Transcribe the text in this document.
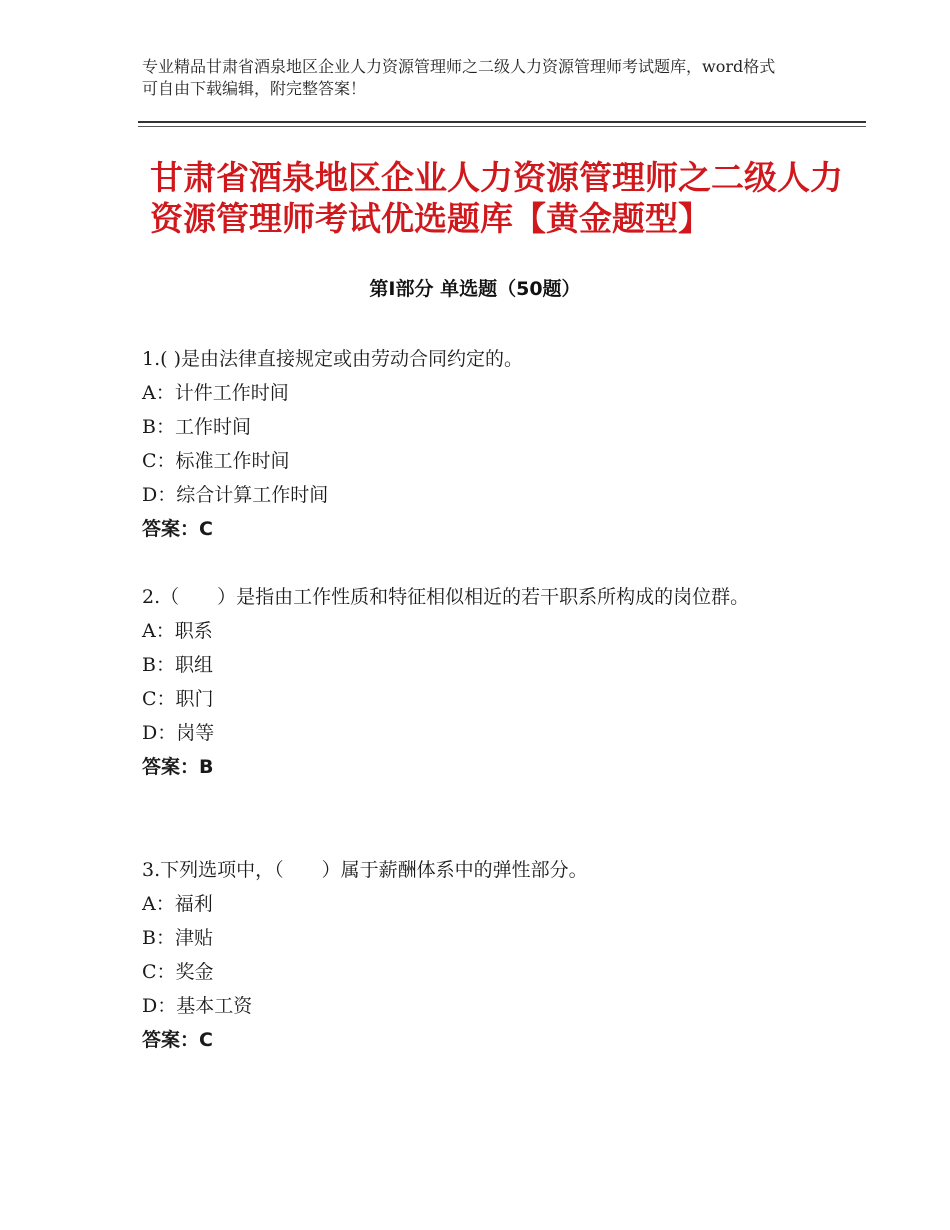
专业精品甘肃省酒泉地区企业人力资源管理师之二级人力资源管理师考试题库，word格式可自由下载编辑，附完整答案！
甘肃省酒泉地区企业人力资源管理师之二级人力资源管理师考试优选题库【黄金题型】
第Ⅰ部分 单选题（50题）

1.( )是由法律直接规定或由劳动合同约定的。

A：计件工作时间

B：工作时间

C：标准工作时间

D：综合计算工作时间

答案：C

2.（　　）是指由工作性质和特征相似相近的若干职系所构成的岗位群。

A：职系

B：职组

C：职门

D：岗等

答案：B

3.下列选项中，（　　）属于薪酬体系中的弹性部分。

A：福利

B：津贴

C：奖金

D：基本工资

答案：C
